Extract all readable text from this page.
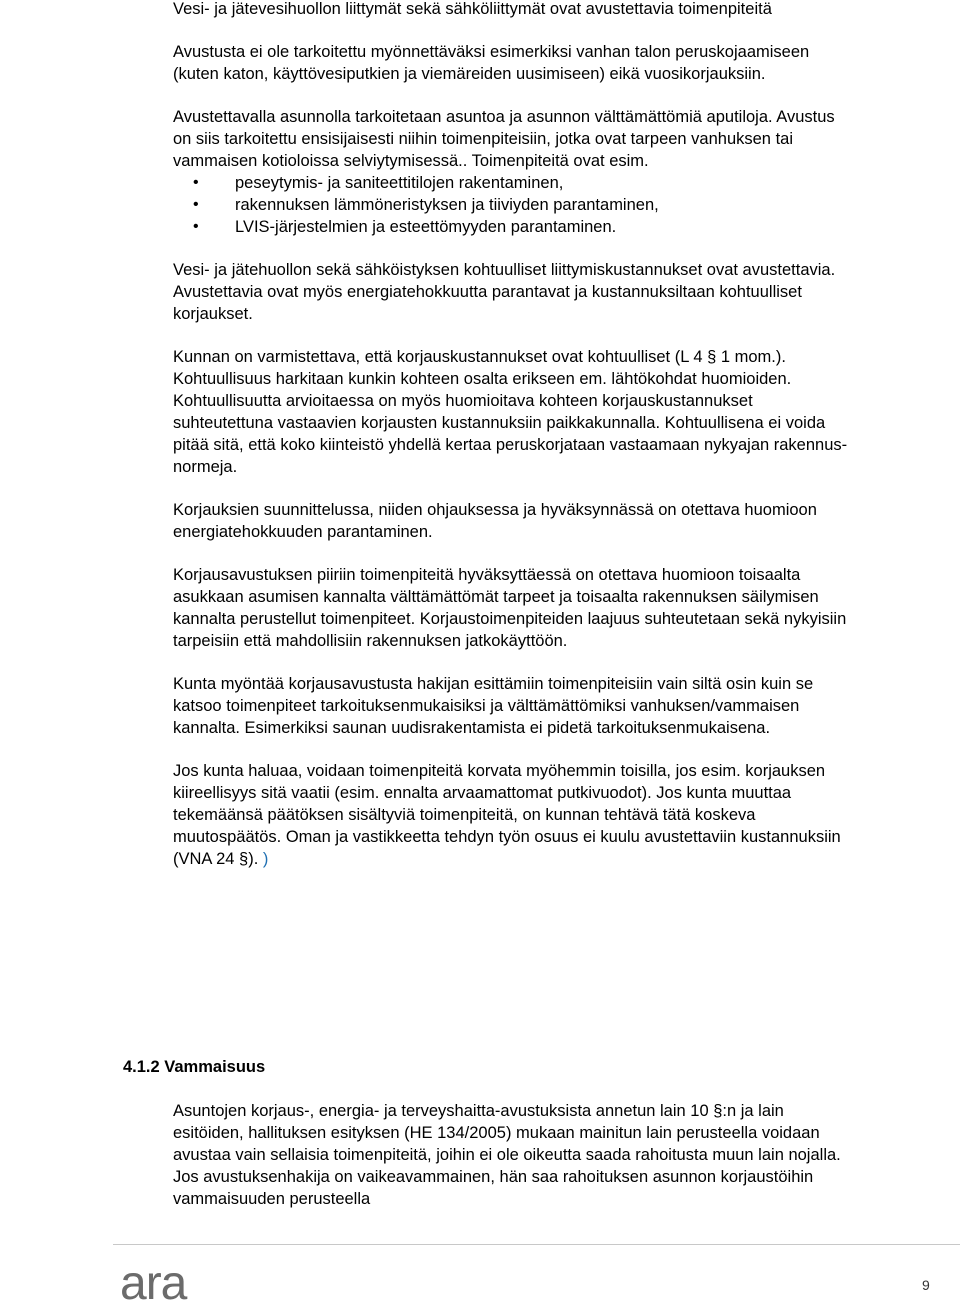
Vesi- ja jätevesihuollon liittymät sekä sähköliittymät ovat avustettavia toimenpiteitä

Avustusta ei ole tarkoitettu myönnettäväksi esimerkiksi vanhan talon peruskojaamiseen (kuten katon, käyttövesiputkien ja viemäreiden uusimiseen) eikä vuosikorjauksiin.

Avustettavalla asunnolla tarkoitetaan asuntoa ja asunnon välttämättömiä aputiloja. Avustus on siis tarkoitettu ensisijaisesti niihin toimenpiteisiin, jotka ovat tarpeen vanhuksen tai vammaisen kotioloissa selviytymisessä.. Toimenpiteitä ovat esim.

• peseytymis- ja saniteettitilojen rakentaminen,
• rakennuksen lämmöneristyksen ja tiiviyden parantaminen,
• LVIS-järjestelmien ja esteettömyyden parantaminen.

Vesi- ja jätehuollon sekä sähköistyksen kohtuulliset liittymiskustannukset ovat avustettavia. Avustettavia ovat myös energiatehokkuutta parantavat ja kustannuksiltaan kohtuulliset korjaukset.

Kunnan on varmistettava, että korjauskustannukset ovat kohtuulliset (L 4 § 1 mom.). Kohtuullisuus harkitaan kunkin kohteen osalta erikseen em. lähtökohdat huomioiden. Kohtuullisuutta arvioitaessa on myös huomioitava kohteen korjauskustannukset suhteutettuna vastaavien korjausten kustannuksiin paikkakunnalla. Kohtuullisena ei voida pitää sitä, että koko kiinteistö yhdellä kertaa peruskorjataan vastaamaan nykyajan rakennusnormeja.

Korjauksien suunnittelussa, niiden ohjauksessa ja hyväksynnässä on otettava huomioon energiatehokkuuden parantaminen.

Korjausavustuksen piiriin toimenpiteitä hyväksyttäessä on otettava huomioon toisaalta asukkaan asumisen kannalta välttämättömät tarpeet ja toisaalta rakennuksen säilymisen kannalta perustellut toimenpiteet. Korjaustoimenpiteiden laajuus suhteutetaan sekä nykyisiin tarpeisiin että mahdollisiin rakennuksen jatkokäyttöön.

Kunta myöntää korjausavustusta hakijan esittämiin toimenpiteisiin vain siltä osin kuin se katsoo toimenpiteet tarkoituksenmukaisiksi ja välttämättömiksi vanhuksen/vammaisen kannalta. Esimerkiksi saunan uudisrakentamista ei pidetä tarkoituksenmukaisena.

Jos kunta haluaa, voidaan toimenpiteitä korvata myöhemmin toisilla, jos esim. korjauksen kiireellisyys sitä vaatii (esim. ennalta arvaamattomat putkivuodot). Jos kunta muuttaa tekemäänsä päätöksen sisältyviä toimenpiteitä, on kunnan tehtävä tätä koskeva muutospäätös. Oman ja vastikkeetta tehdyn työn osuus ei kuulu avustettaviin kustannuksiin (VNA 24 §). )

4.1.2 Vammaisuus

Asuntojen korjaus-, energia- ja terveyshaitta-avustuksista annetun lain 10 §:n ja lain esitöiden, hallituksen esityksen (HE 134/2005) mukaan mainitun lain perusteella voidaan avustaa vain sellaisia toimenpiteitä, joihin ei ole oikeutta saada rahoitusta muun lain nojalla. Jos avustuksenhakija on vaikeavammainen, hän saa rahoituksen asunnon korjaustöihin vammaisuuden perusteella

ara	9
